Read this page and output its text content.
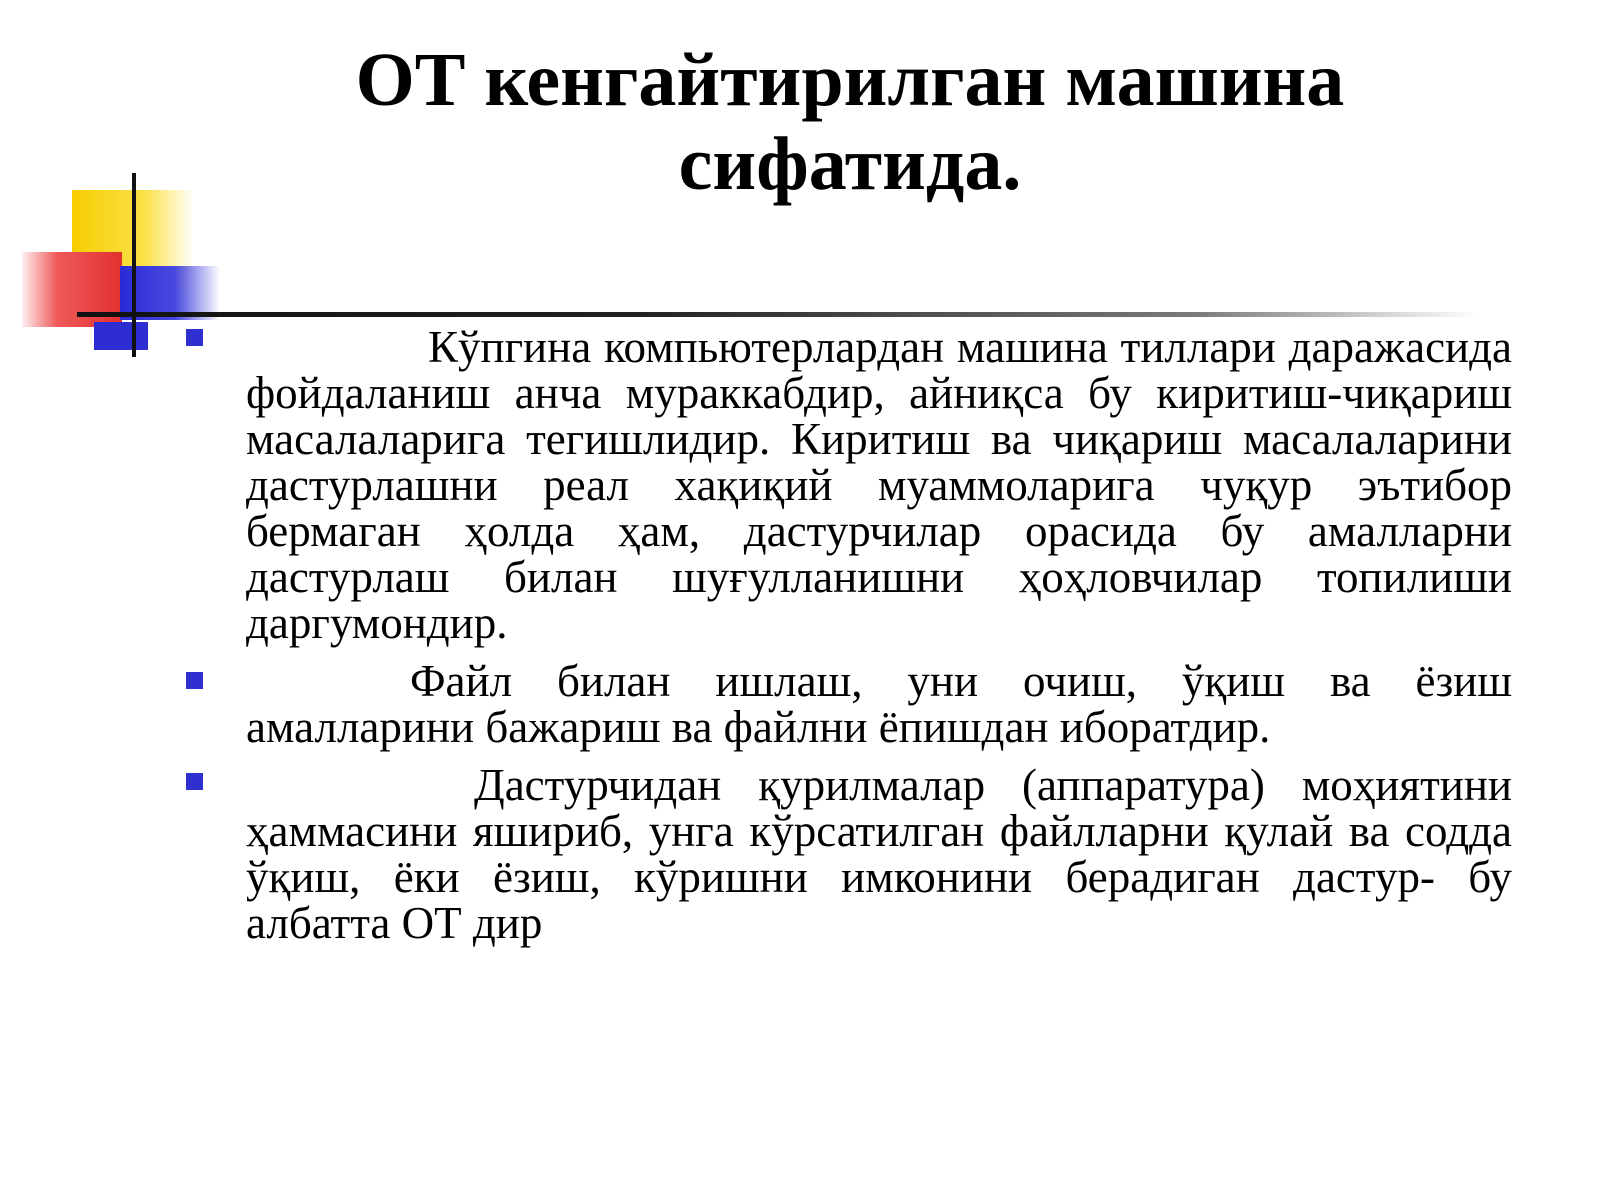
ОТ кенгайтирилган машина сифатида.

Кўпгина компьютерлардан машина тиллари даражасида фойдаланиш анча мураккабдир, айниқса бу киритиш-чиқариш масалаларига тегишлидир. Киритиш ва чиқариш масалаларини дастурлашни реал хақиқий муаммоларига чуқур эътибор бермаган ҳолда ҳам, дастурчилар орасида бу амалларни дастурлаш билан шуғулланишни ҳоҳловчилар топилиши даргумондир.

Файл билан ишлаш, уни очиш, ўқиш ва ёзиш амалларини бажариш ва файлни ёпишдан иборатдир.

Дастурчидан қурилмалар (аппаратура) моҳиятини ҳаммасини яшириб, унга кўрсатилган файлларни қулай ва содда ўқиш, ёки ёзиш, кўришни имконини берадиган дастур- бу албатта ОТ дир
